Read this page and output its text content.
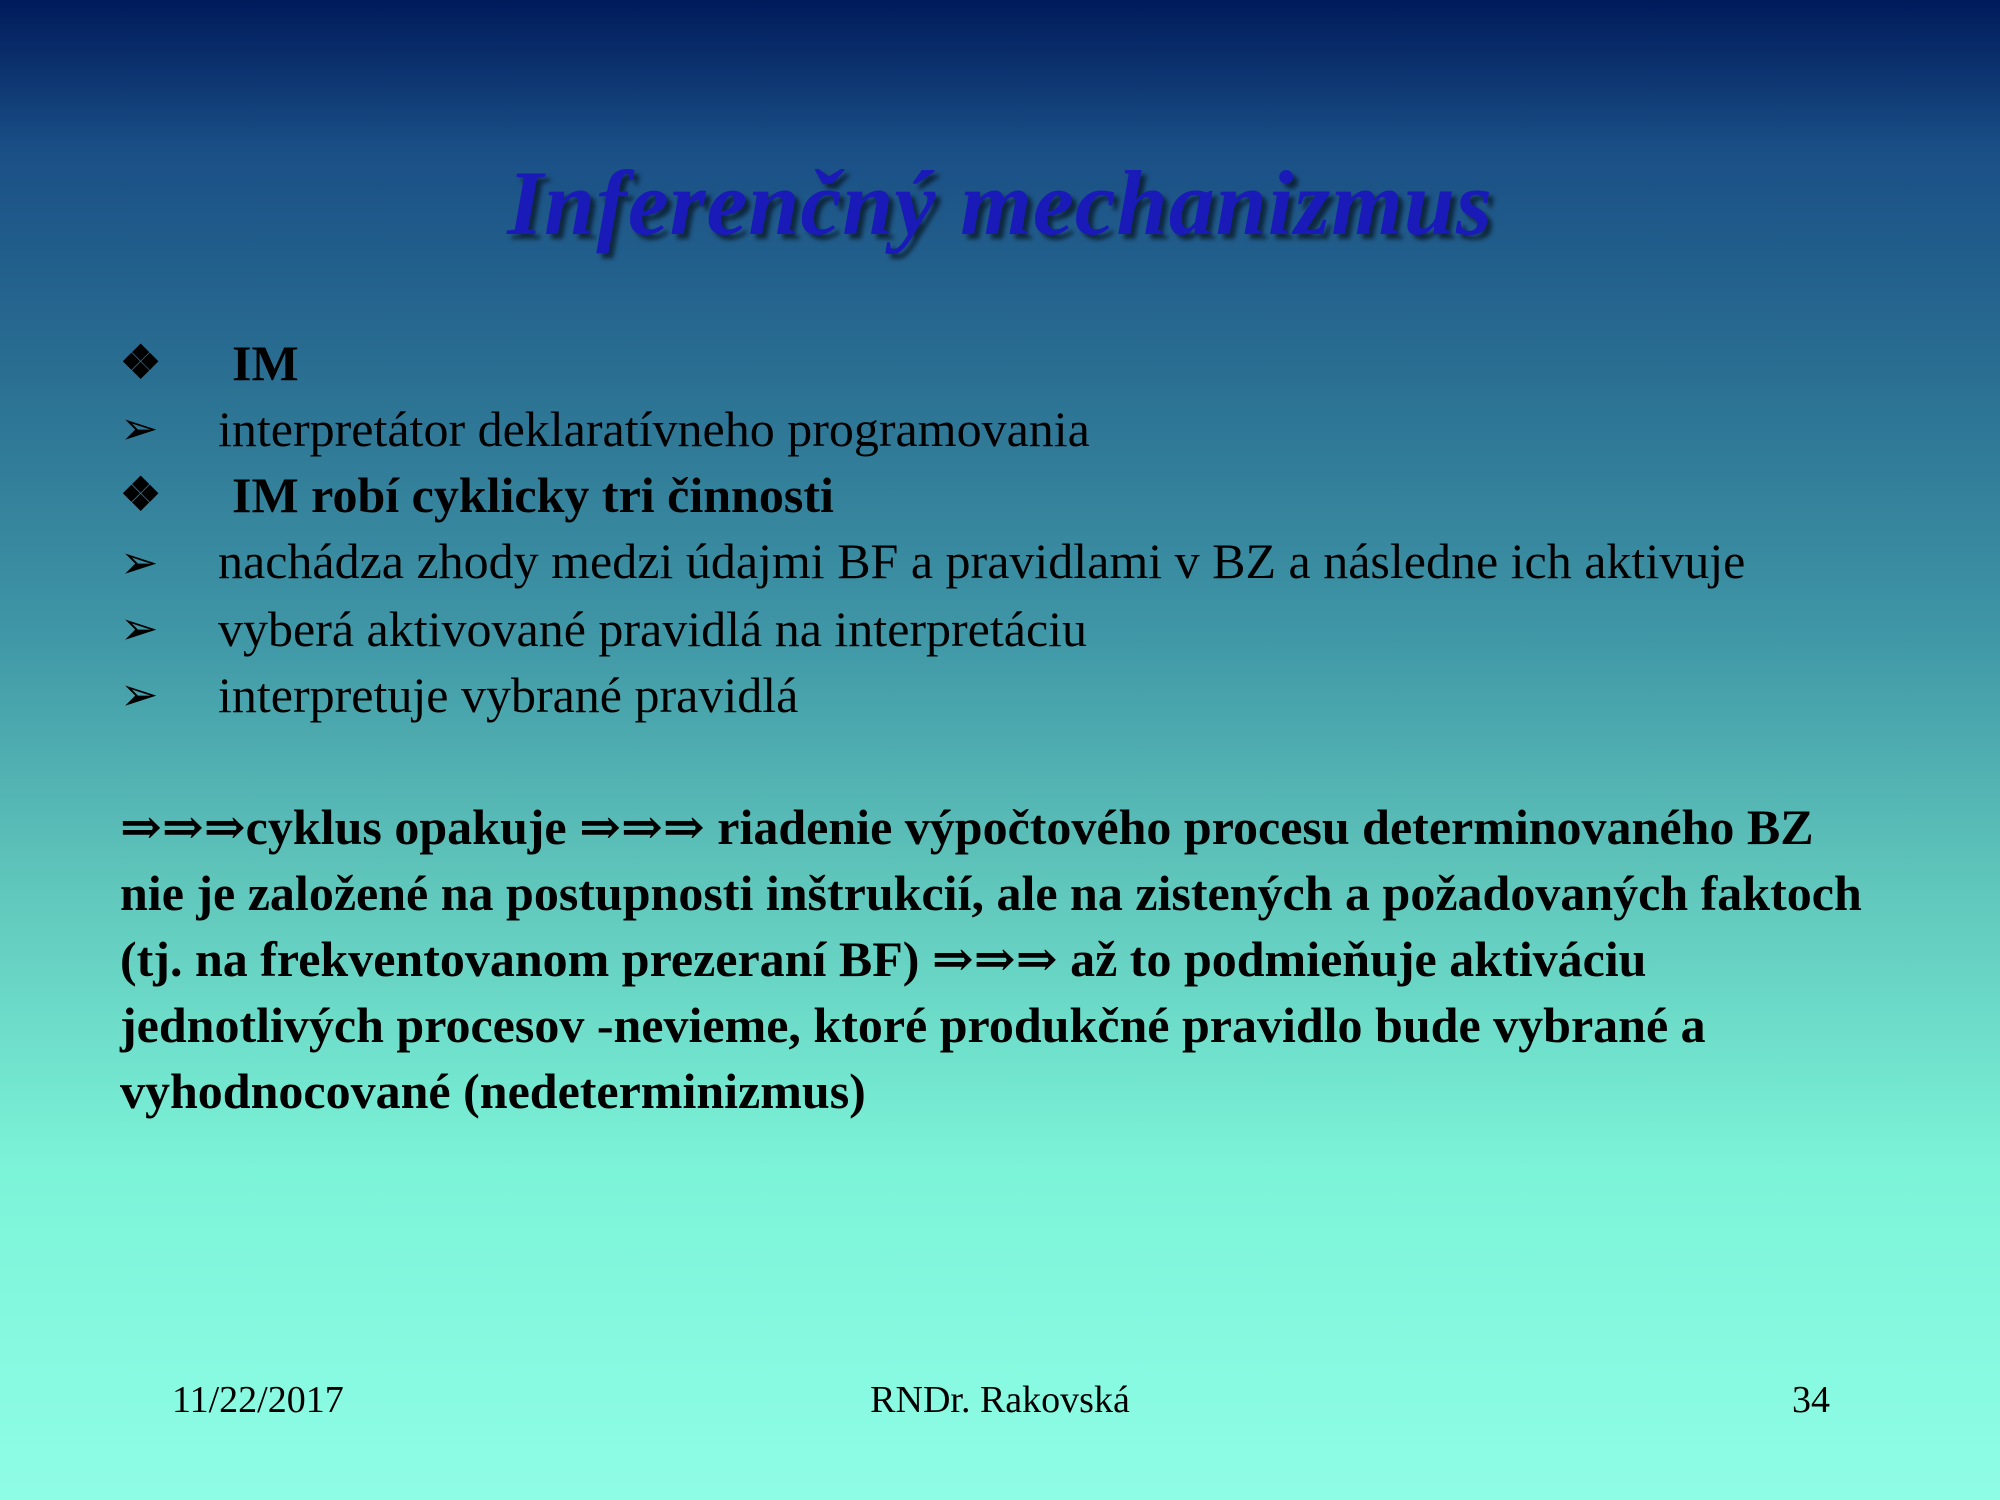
Inferenčný mechanizmus
❖	IM
➢	interpretátor deklaratívneho programovania
❖	IM robí cyklicky tri činnosti
➢ nachádza zhody medzi údajmi BF a pravidlami v BZ a následne ich aktivuje
➢	vyberá aktivované pravidlá na interpretáciu
➢	interpretuje vybrané pravidlá
⇒⇒⇒cyklus opakuje ⇒⇒⇒ riadenie výpočtového procesu determinovaného BZ nie je založené na postupnosti inštrukcií, ale na zistených a požadovaných faktoch (tj. na frekventovanom prezeraní BF) ⇒⇒⇒ až to podmieňuje aktiváciu jednotlivých procesov -nevieme, ktoré produkčné pravidlo bude vybrané a vyhodnocované (nedeterminizmus)
11/22/2017	RNDr. Rakovská	34
